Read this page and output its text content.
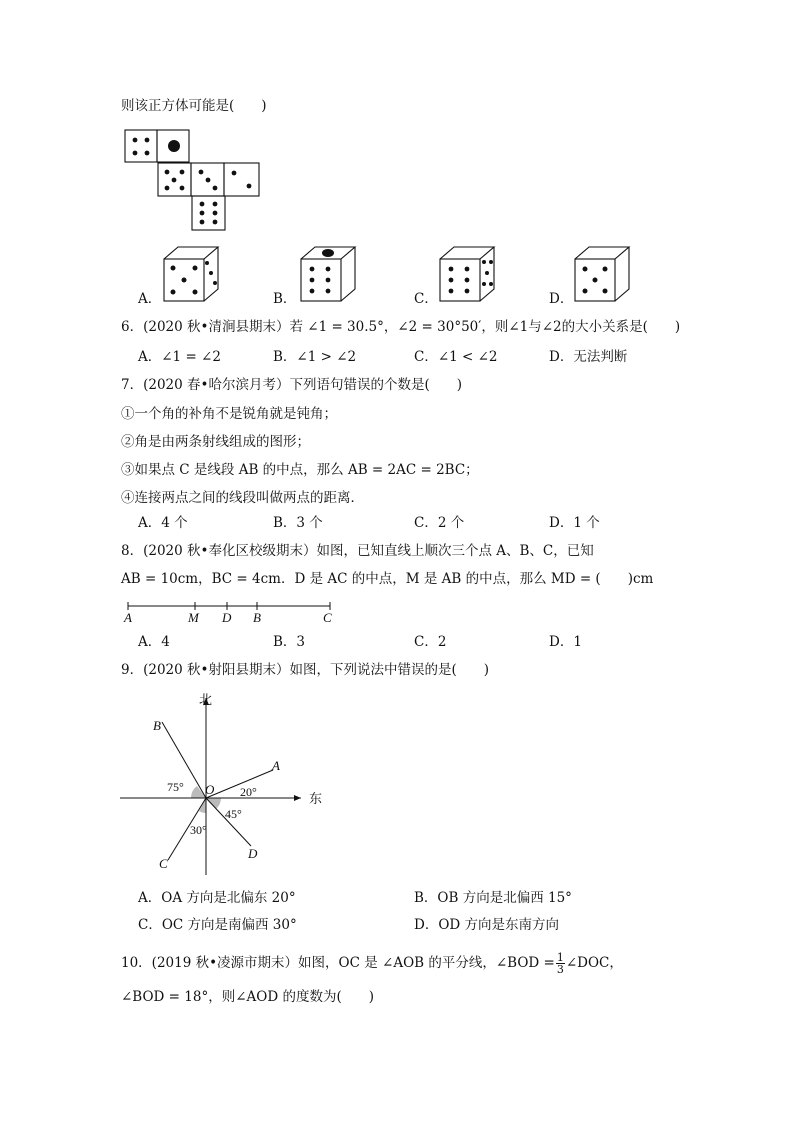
则该正方体可能是(　　)
A．	B．	C．	D．
6．(2020 秋•清涧县期末）若 ∠1 = 30.5°，∠2 = 30°50′，则∠1与∠2的大小关系是(　　)
A．∠1 = ∠2	B．∠1 > ∠2	C．∠1 < ∠2	D．无法判断
7．(2020 春•哈尔滨月考）下列语句错误的个数是(　　)
①一个角的补角不是锐角就是钝角；
②角是由两条射线组成的图形；
③如果点 C 是线段 AB 的中点，那么 AB = 2AC = 2BC；
④连接两点之间的线段叫做两点的距离．
A．4 个	B．3 个	C．2 个	D．1 个
8．(2020 秋•奉化区校级期末）如图，已知直线上顺次三个点 A、B、C，已知
AB = 10cm，BC = 4cm．D 是 AC 的中点，M 是 AB 的中点，那么 MD = (　　)cm
A	M D B	C
A．4	B．3	C．2	D．1
9．(2020 秋•射阳县期末）如图，下列说法中错误的是(　　)
北
东
O
A
B
C
D
75°	20°
45°
30°
A．OA 方向是北偏东 20°	B．OB 方向是北偏西 15°
C．OC 方向是南偏西 30°	D．OD 方向是东南方向
10．(2019 秋•凌源市期末）如图，OC 是 ∠AOB 的平分线，∠BOD = $\frac{1}{3}$ ∠DOC，
∠BOD = 18°，则∠AOD 的度数为(　　)
